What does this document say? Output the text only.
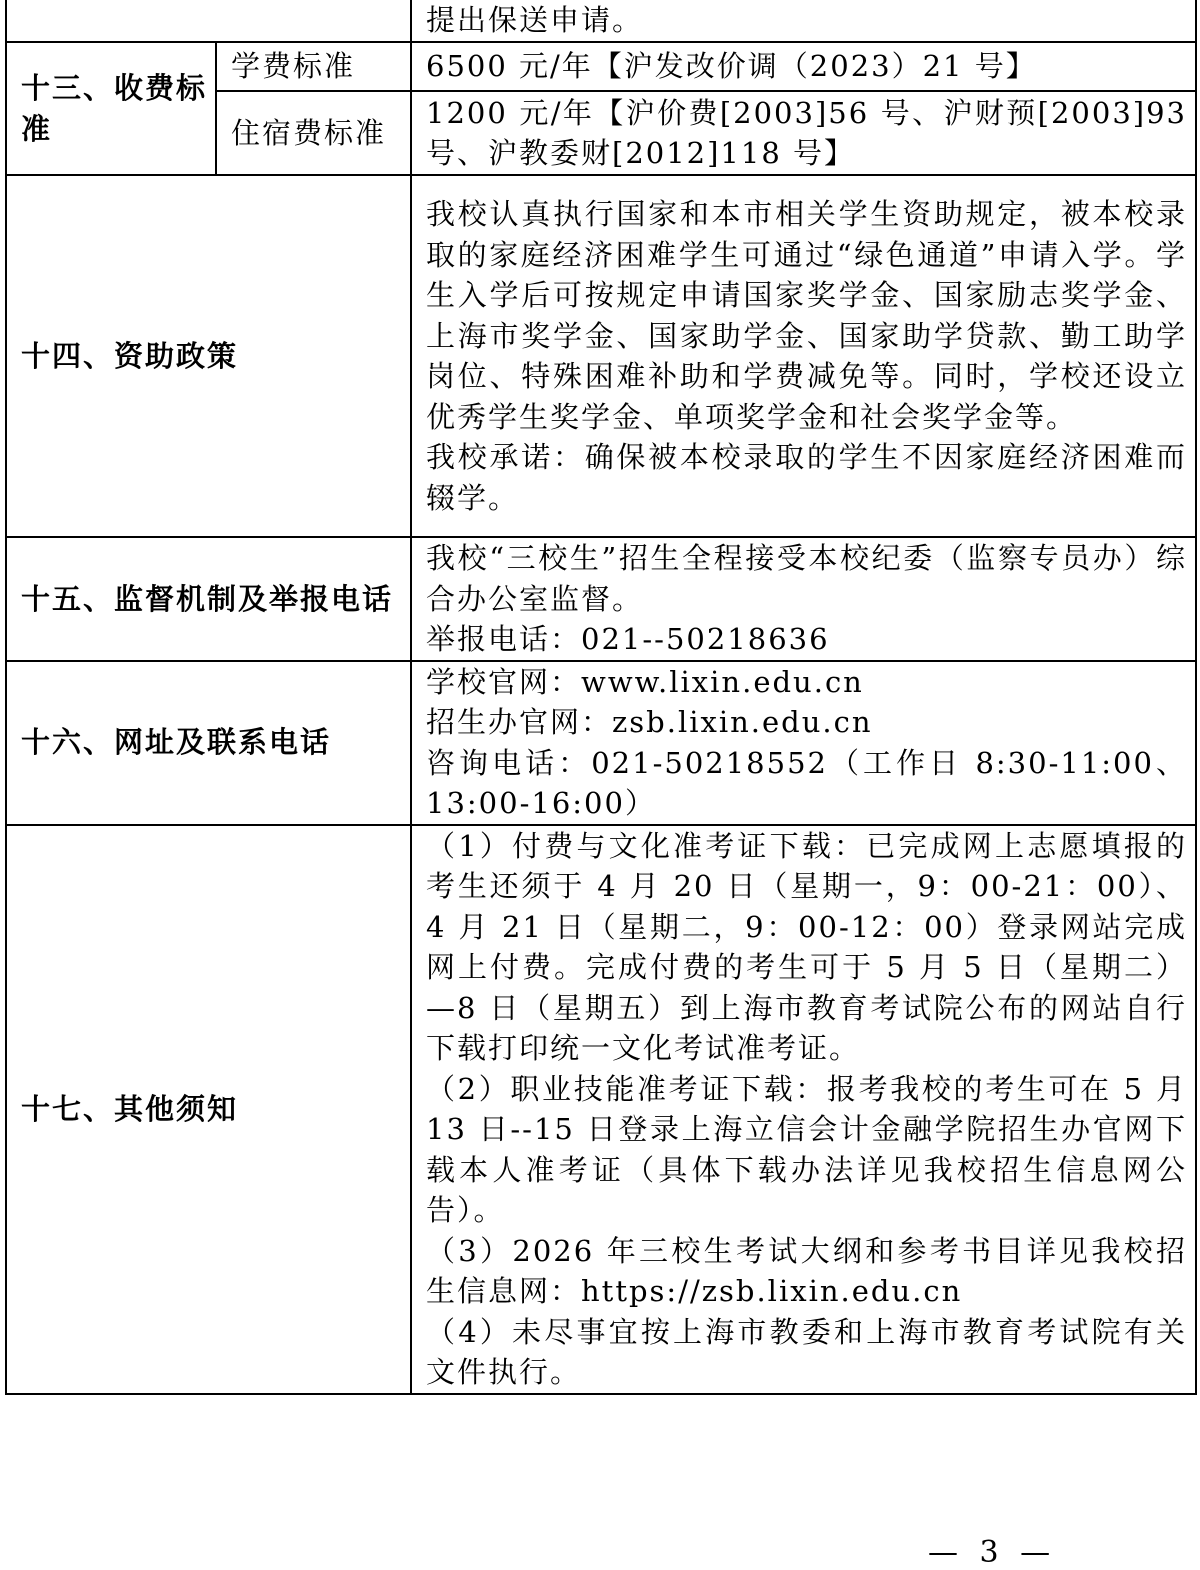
		提出保送申请。
十三、收费标准	学费标准	6500 元/年【沪发改价调（2023）21 号】
	住宿费标准	1200 元/年【沪价费[2003]56 号、沪财预[2003]93 号、沪教委财[2012]118 号】
十四、资助政策		我校认真执行国家和本市相关学生资助规定，被本校录取的家庭经济困难学生可通过“绿色通道”申请入学。学生入学后可按规定申请国家奖学金、国家励志奖学金、上海市奖学金、国家助学金、国家助学贷款、勤工助学岗位、特殊困难补助和学费减免等。同时，学校还设立优秀学生奖学金、单项奖学金和社会奖学金等。
我校承诺：确保被本校录取的学生不因家庭经济困难而辍学。

十五、监督机制及举报电话		我校“三校生”招生全程接受本校纪委（监察专员办）综合办公室监督。
举报电话：021--50218636

十六、网址及联系电话		学校官网：www.lixin.edu.cn
招生办官网：zsb.lixin.edu.cn
咨询电话：021-50218552（工作日 8:30-11:00、13:00-16:00）

十七、其他须知		（1）付费与文化准考证下载：已完成网上志愿填报的考生还须于 4 月 20 日（星期一，9：00-21：00）、4 月 21 日（星期二，9：00-12：00）登录网站完成网上付费。完成付费的考生可于 5 月 5 日（星期二）—8 日（星期五）到上海市教育考试院公布的网站自行下载打印统一文化考试准考证。
（2）职业技能准考证下载：报考我校的考生可在 5 月 13 日--15 日登录上海立信会计金融学院招生办官网下载本人准考证（具体下载办法详见我校招生信息网公告）。
（3）2026 年三校生考试大纲和参考书目详见我校招生信息网：https://zsb.lixin.edu.cn
（4）未尽事宜按上海市教委和上海市教育考试院有关文件执行。
— 3 —
